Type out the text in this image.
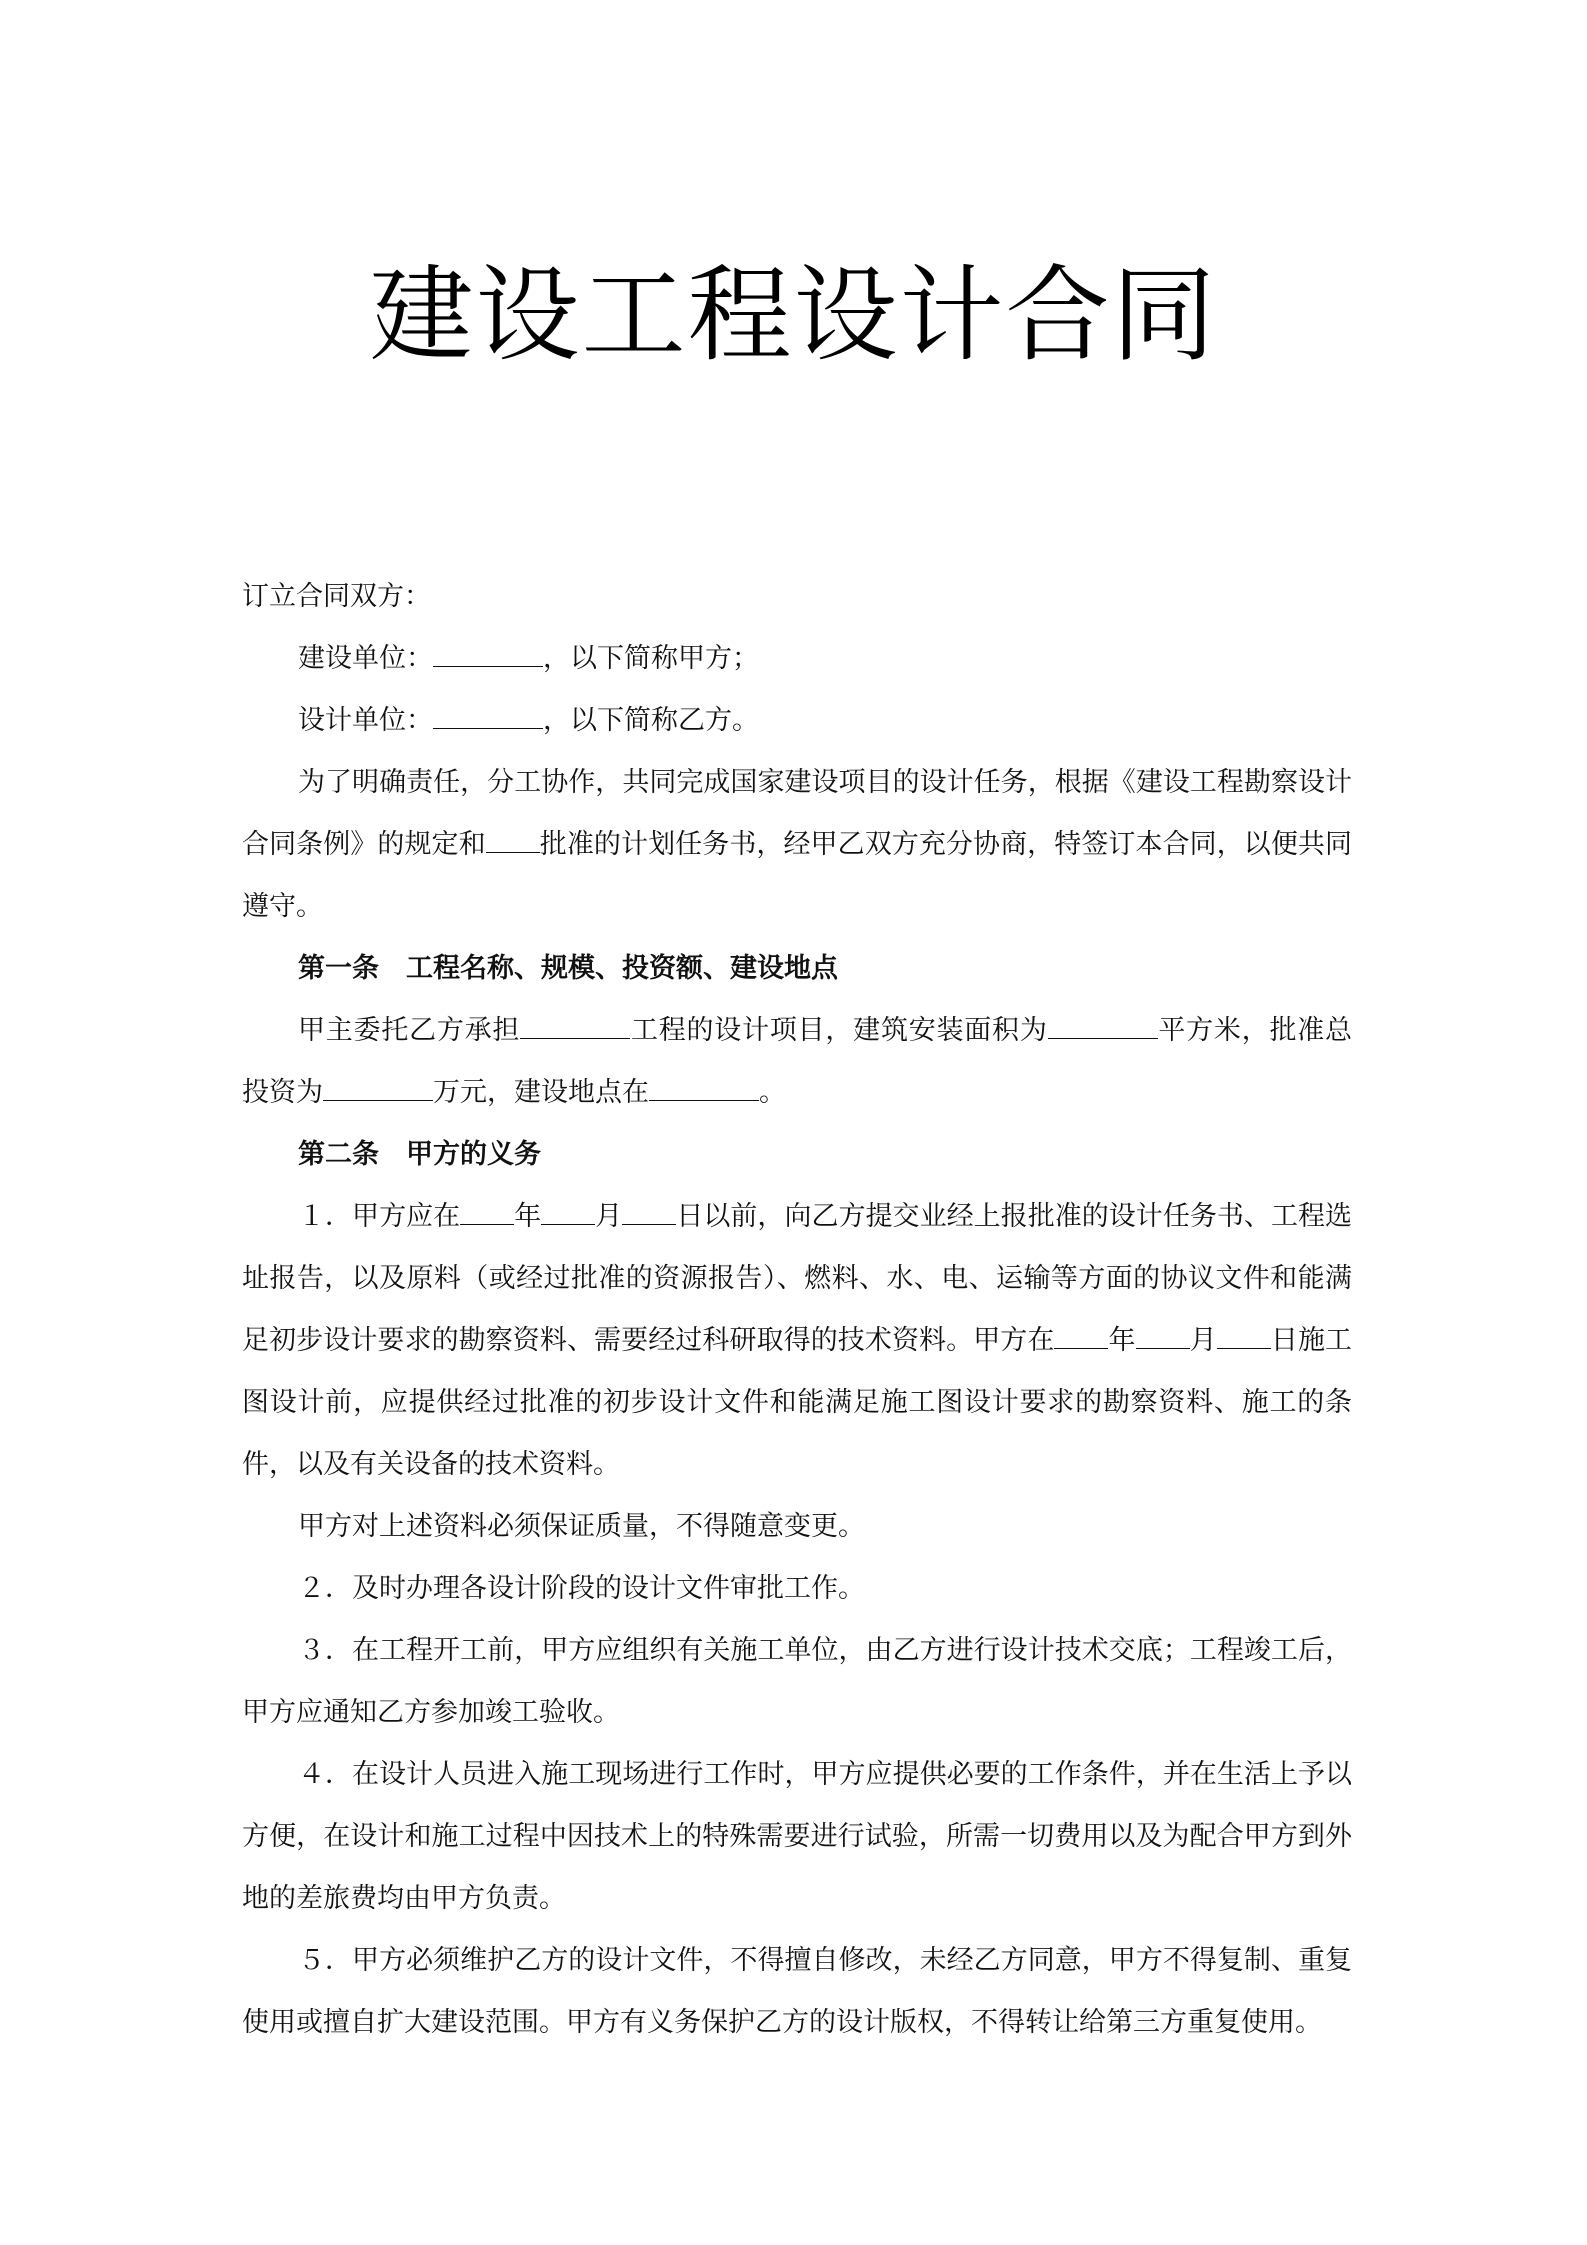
建设工程设计合同

订立合同双方：

建设单位：	，以下简称甲方；

设计单位：	，以下简称乙方。

为了明确责任，分工协作，共同完成国家建设项目的设计任务，根据《建设工程勘察设计合同条例》的规定和 批准的计划任务书，经甲乙双方充分协商，特签订本合同，以便共同遵守。

第一条　工程名称、规模、投资额、建设地点

甲主委托乙方承担	工程的设计项目，建筑安装面积为	平方米，批准总投资为	万元，建设地点在	。

第二条　甲方的义务

１．甲方应在 年 月 日以前，向乙方提交业经上报批准的设计任务书、工程选址报告，以及原料（或经过批准的资源报告）、燃料、水、电、运输等方面的协议文件和能满足初步设计要求的勘察资料、需要经过科研取得的技术资料。甲方在 年 月 日施工图设计前，应提供经过批准的初步设计文件和能满足施工图设计要求的勘察资料、施工的条件，以及有关设备的技术资料。

甲方对上述资料必须保证质量，不得随意变更。

２．及时办理各设计阶段的设计文件审批工作。

３．在工程开工前，甲方应组织有关施工单位，由乙方进行设计技术交底；工程竣工后，甲方应通知乙方参加竣工验收。

４．在设计人员进入施工现场进行工作时，甲方应提供必要的工作条件，并在生活上予以方便，在设计和施工过程中因技术上的特殊需要进行试验，所需一切费用以及为配合甲方到外地的差旅费均由甲方负责。

５．甲方必须维护乙方的设计文件，不得擅自修改，未经乙方同意，甲方不得复制、重复使用或擅自扩大建设范围。甲方有义务保护乙方的设计版权，不得转让给第三方重复使用。
